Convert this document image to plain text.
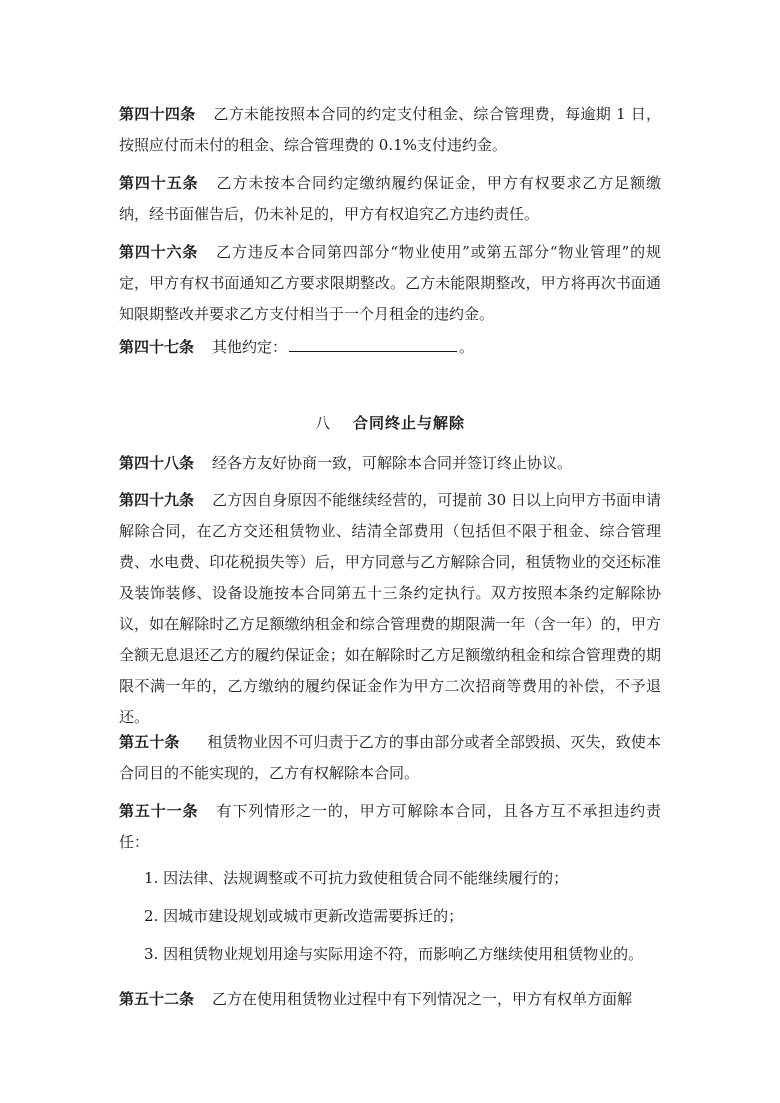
第四十四条 乙方未能按照本合同的约定支付租金、综合管理费，每逾期 1 日，按照应付而未付的租金、综合管理费的 0.1%支付违约金。

第四十五条 乙方未按本合同约定缴纳履约保证金，甲方有权要求乙方足额缴纳，经书面催告后，仍未补足的，甲方有权追究乙方违约责任。

第四十六条 乙方违反本合同第四部分“物业使用”或第五部分“物业管理”的规定，甲方有权书面通知乙方要求限期整改。乙方未能限期整改，甲方将再次书面通知限期整改并要求乙方支付相当于一个月租金的违约金。

第四十七条 其他约定：	。

八 合同终止与解除

第四十八条 经各方友好协商一致，可解除本合同并签订终止协议。

第四十九条 乙方因自身原因不能继续经营的，可提前 30 日以上向甲方书面申请解除合同，在乙方交还租赁物业、结清全部费用（包括但不限于租金、综合管理费、水电费、印花税损失等）后，甲方同意与乙方解除合同，租赁物业的交还标准及装饰装修、设备设施按本合同第五十三条约定执行。双方按照本条约定解除协议，如在解除时乙方足额缴纳租金和综合管理费的期限满一年（含一年）的，甲方全额无息退还乙方的履约保证金；如在解除时乙方足额缴纳租金和综合管理费的期限不满一年的，乙方缴纳的履约保证金作为甲方二次招商等费用的补偿，不予退还。

第五十条 租赁物业因不可归责于乙方的事由部分或者全部毁损、灭失，致使本合同目的不能实现的，乙方有权解除本合同。

第五十一条 有下列情形之一的，甲方可解除本合同，且各方互不承担违约责任：

1. 因法律、法规调整或不可抗力致使租赁合同不能继续履行的；

2. 因城市建设规划或城市更新改造需要拆迁的；

3. 因租赁物业规划用途与实际用途不符，而影响乙方继续使用租赁物业的。

第五十二条 乙方在使用租赁物业过程中有下列情况之一，甲方有权单方面解
